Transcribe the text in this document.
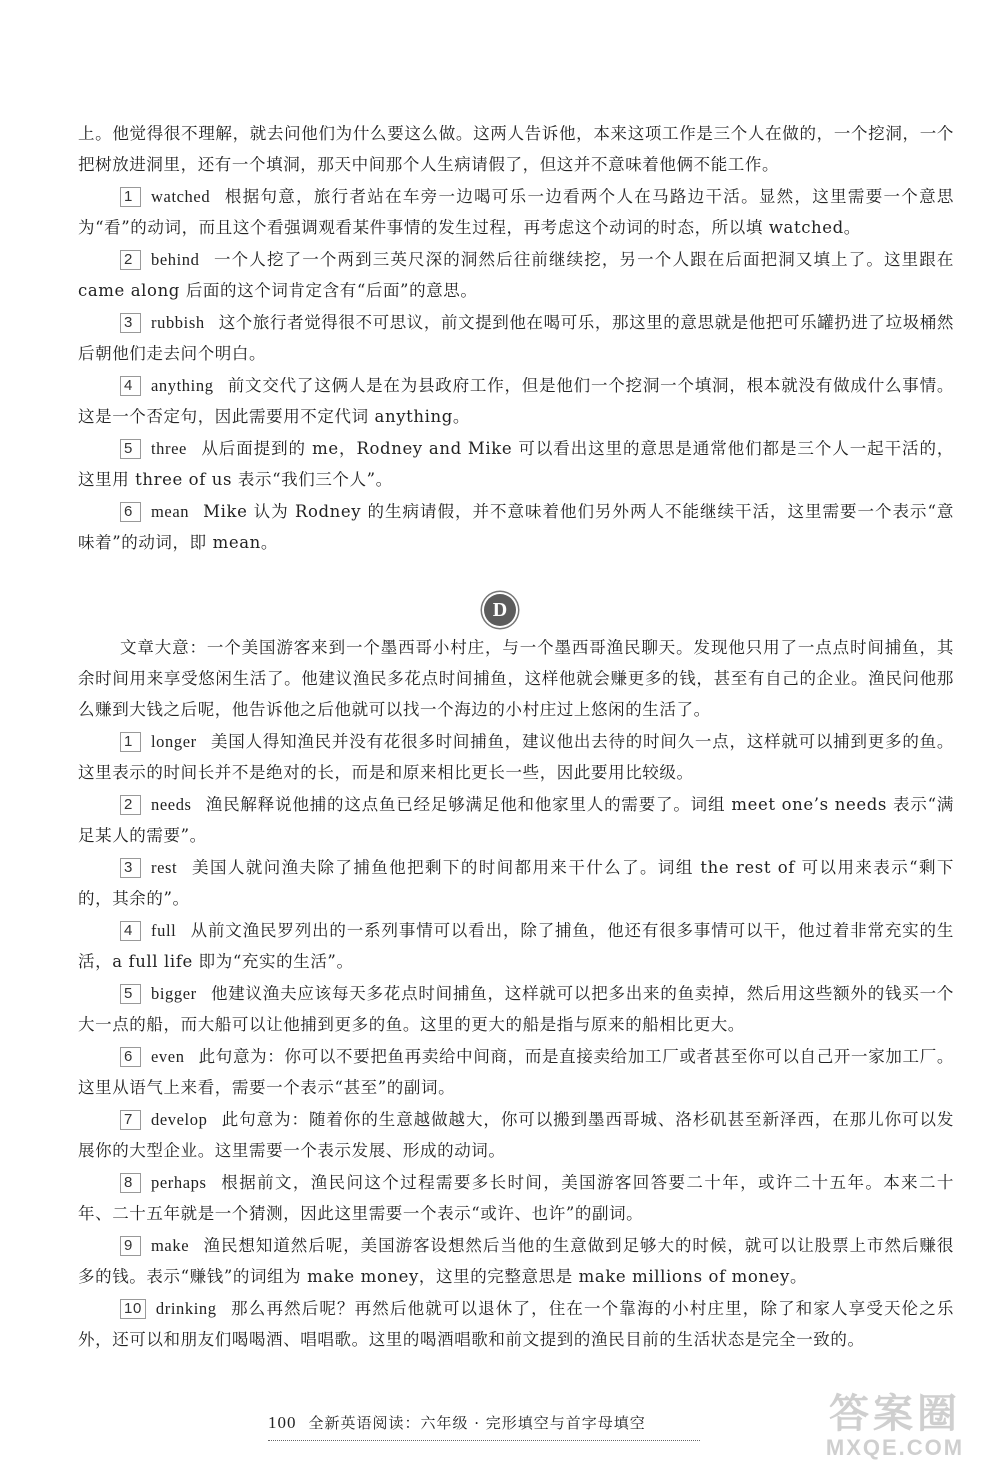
上。他觉得很不理解，就去问他们为什么要这么做。这两人告诉他，本来这项工作是三个人在做的，一个挖洞，一个把树放进洞里，还有一个填洞，那天中间那个人生病请假了，但这并不意味着他俩不能工作。

1 watched 根据句意，旅行者站在车旁一边喝可乐一边看两个人在马路边干活。显然，这里需要一个意思为“看”的动词，而且这个看强调观看某件事情的发生过程，再考虑这个动词的时态，所以填 watched。

2 behind 一个人挖了一个两到三英尺深的洞然后往前继续挖，另一个人跟在后面把洞又填上了。这里跟在 came along 后面的这个词肯定含有“后面”的意思。

3 rubbish 这个旅行者觉得很不可思议，前文提到他在喝可乐，那这里的意思就是他把可乐罐扔进了垃圾桶然后朝他们走去问个明白。

4 anything 前文交代了这俩人是在为县政府工作，但是他们一个挖洞一个填洞，根本就没有做成什么事情。这是一个否定句，因此需要用不定代词 anything。

5 three 从后面提到的 me，Rodney and Mike 可以看出这里的意思是通常他们都是三个人一起干活的，这里用 three of us 表示“我们三个人”。

6 mean Mike 认为 Rodney 的生病请假，并不意味着他们另外两人不能继续干活，这里需要一个表示“意味着”的动词，即 mean。

D

文章大意：一个美国游客来到一个墨西哥小村庄，与一个墨西哥渔民聊天。发现他只用了一点点时间捕鱼，其余时间用来享受悠闲生活了。他建议渔民多花点时间捕鱼，这样他就会赚更多的钱，甚至有自己的企业。渔民问他那么赚到大钱之后呢，他告诉他之后他就可以找一个海边的小村庄过上悠闲的生活了。

1 longer 美国人得知渔民并没有花很多时间捕鱼，建议他出去待的时间久一点，这样就可以捕到更多的鱼。这里表示的时间长并不是绝对的长，而是和原来相比更长一些，因此要用比较级。

2 needs 渔民解释说他捕的这点鱼已经足够满足他和他家里人的需要了。词组 meet one’s needs 表示“满足某人的需要”。

3 rest 美国人就问渔夫除了捕鱼他把剩下的时间都用来干什么了。词组 the rest of 可以用来表示“剩下的，其余的”。

4 full 从前文渔民罗列出的一系列事情可以看出，除了捕鱼，他还有很多事情可以干，他过着非常充实的生活，a full life 即为“充实的生活”。

5 bigger 他建议渔夫应该每天多花点时间捕鱼，这样就可以把多出来的鱼卖掉，然后用这些额外的钱买一个大一点的船，而大船可以让他捕到更多的鱼。这里的更大的船是指与原来的船相比更大。

6 even 此句意为：你可以不要把鱼再卖给中间商，而是直接卖给加工厂或者甚至你可以自己开一家加工厂。这里从语气上来看，需要一个表示“甚至”的副词。

7 develop 此句意为：随着你的生意越做越大，你可以搬到墨西哥城、洛杉矶甚至新泽西，在那儿你可以发展你的大型企业。这里需要一个表示发展、形成的动词。

8 perhaps 根据前文，渔民问这个过程需要多长时间，美国游客回答要二十年，或许二十五年。本来二十年、二十五年就是一个猜测，因此这里需要一个表示“或许、也许”的副词。

9 make 渔民想知道然后呢，美国游客设想然后当他的生意做到足够大的时候，就可以让股票上市然后赚很多的钱。表示“赚钱”的词组为 make money，这里的完整意思是 make millions of money。

10 drinking 那么再然后呢？再然后他就可以退休了，住在一个靠海的小村庄里，除了和家人享受天伦之乐外，还可以和朋友们喝喝酒、唱唱歌。这里的喝酒唱歌和前文提到的渔民目前的生活状态是完全一致的。

100 全新英语阅读：六年级 · 完形填空与首字母填空	答案圈
MXQE.COM
